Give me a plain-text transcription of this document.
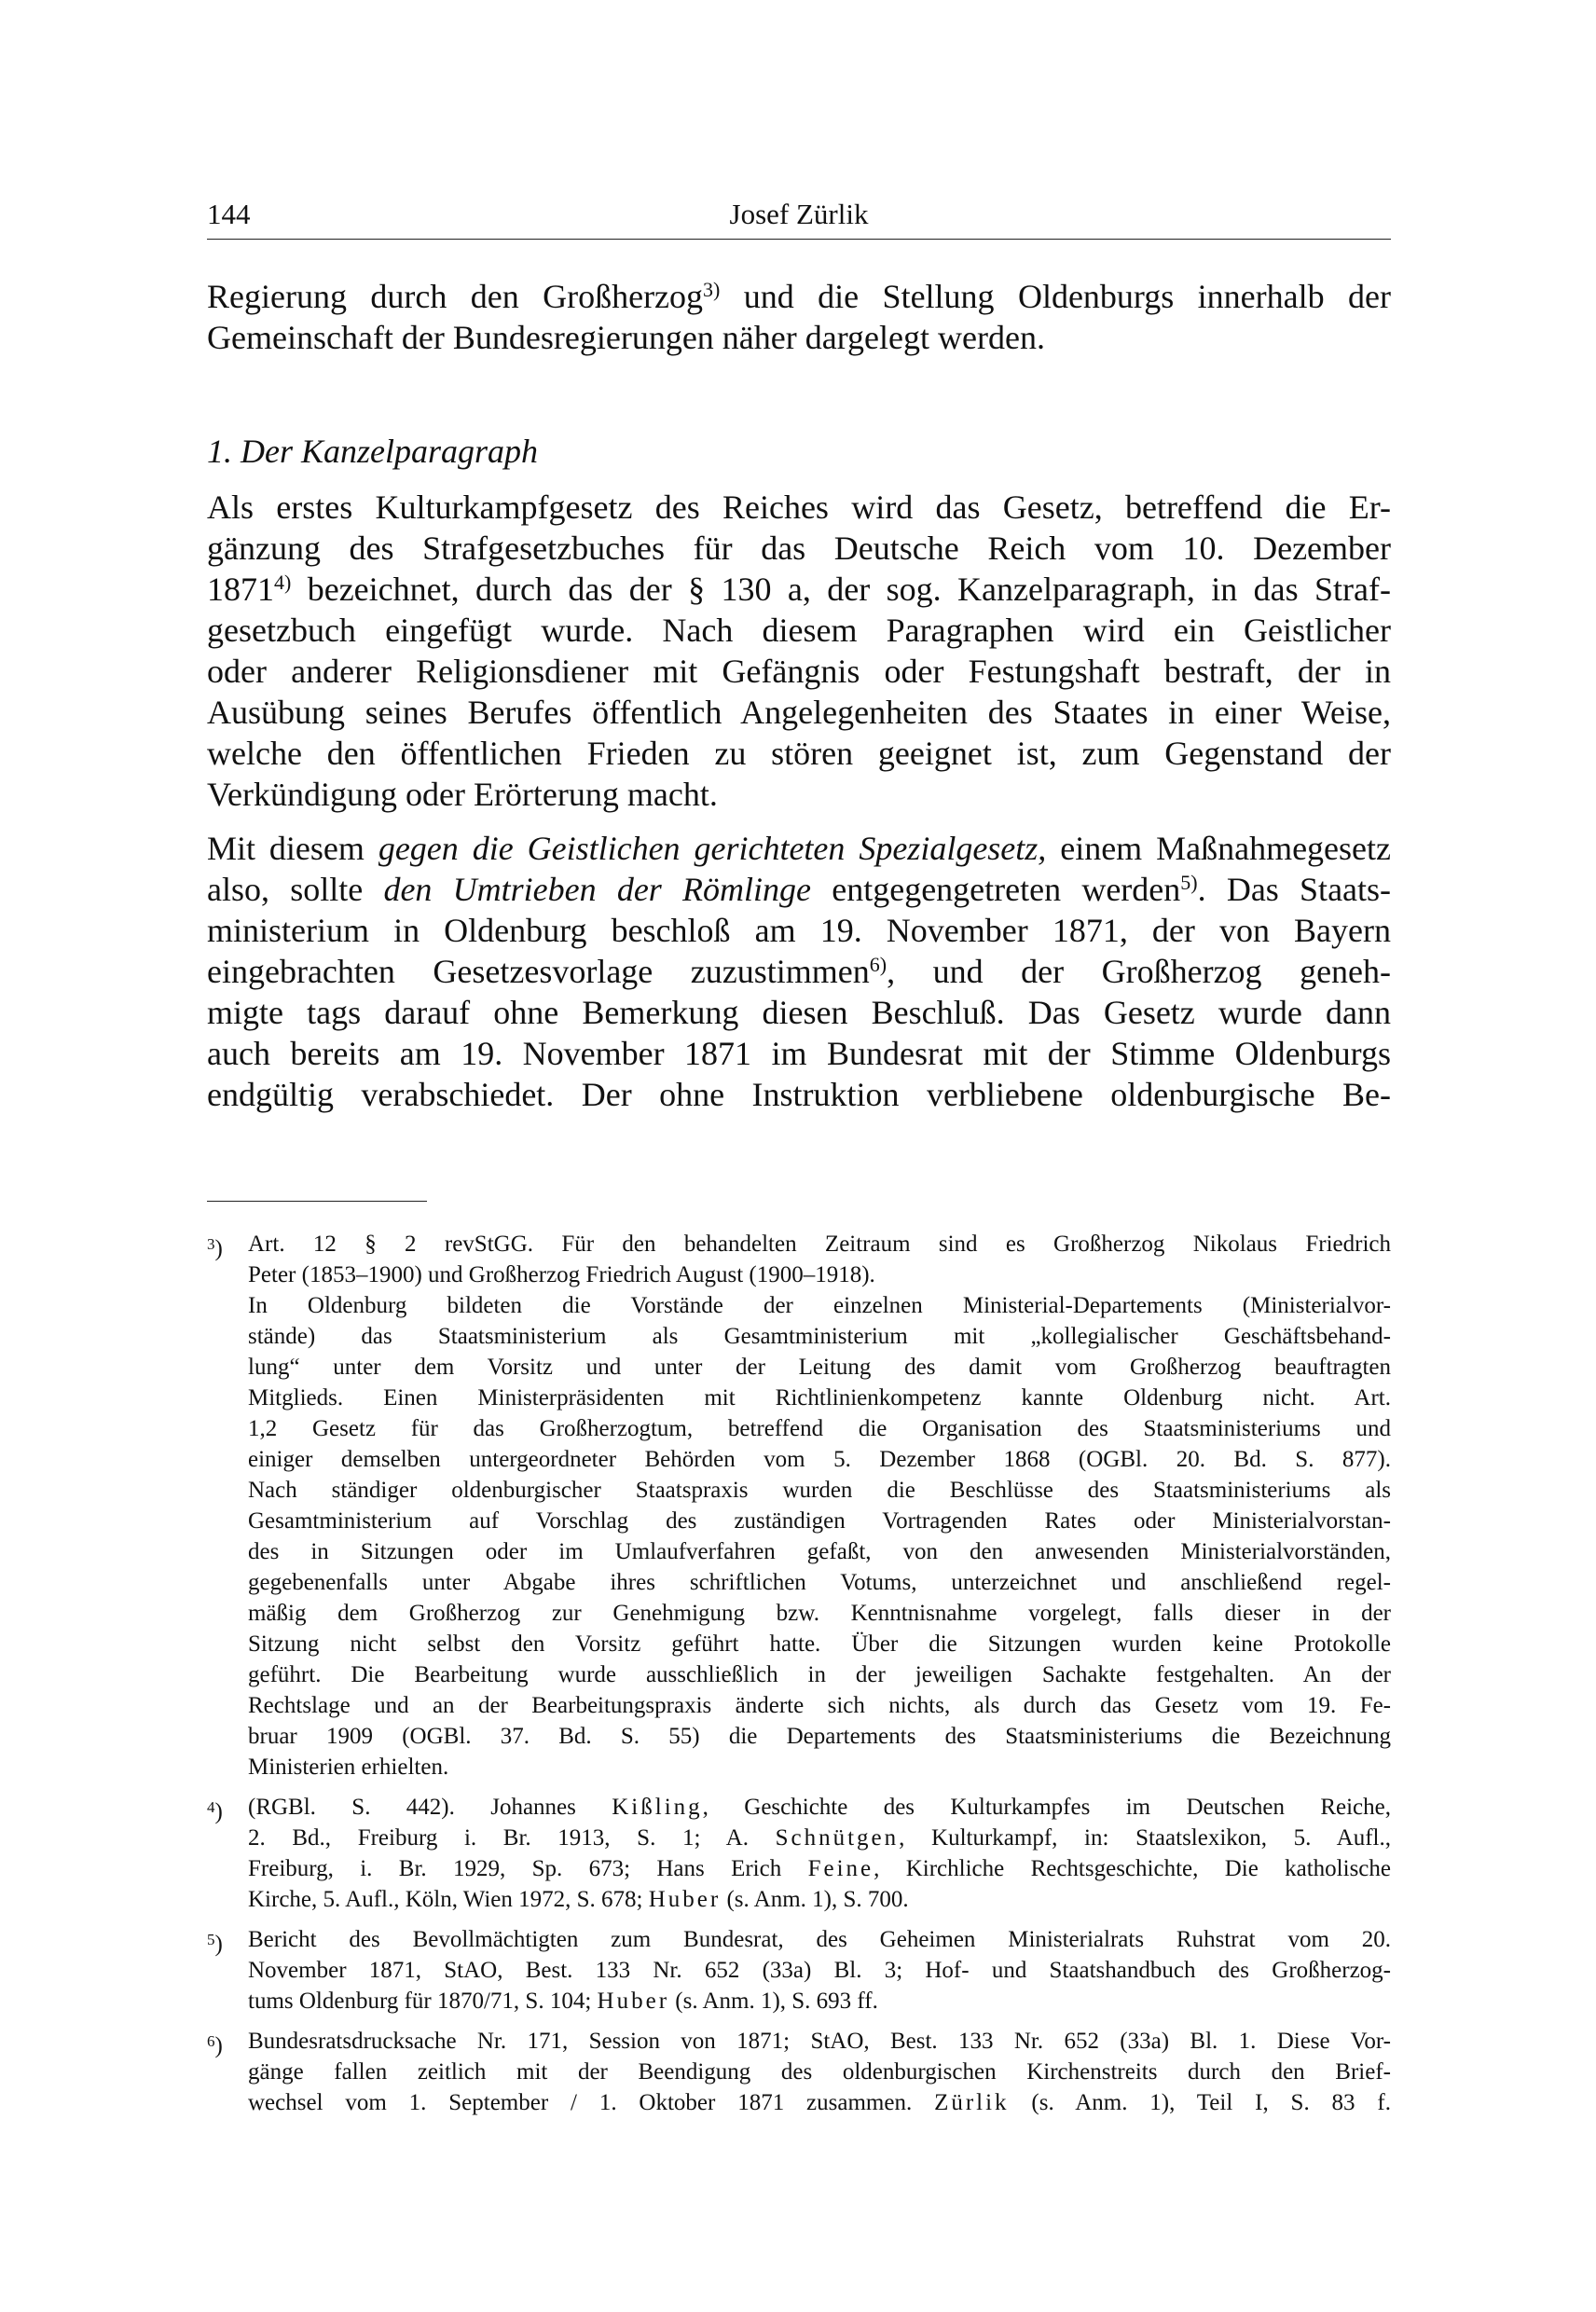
144	Josef Zürlik
Regierung durch den Großherzog$^{3)}$ und die Stellung Oldenburgs innerhalb der
Gemeinschaft der Bundesregierungen näher dargelegt werden.
1. Der Kanzelparagraph
Als erstes Kulturkampfgesetz des Reiches wird das Gesetz, betreffend die Er-
gänzung des Strafgesetzbuches für das Deutsche Reich vom 10. Dezember
1871$^{4)}$ bezeichnet, durch das der § 130 a, der sog. Kanzelparagraph, in das Straf-
gesetzbuch eingefügt wurde. Nach diesem Paragraphen wird ein Geistlicher
oder anderer Religionsdiener mit Gefängnis oder Festungshaft bestraft, der in
Ausübung seines Berufes öffentlich Angelegenheiten des Staates in einer Weise,
welche den öffentlichen Frieden zu stören geeignet ist, zum Gegenstand der
Verkündigung oder Erörterung macht.
Mit diesem gegen die Geistlichen gerichteten Spezialgesetz, einem Maßnahmegesetz
also, sollte den Umtrieben der Römlinge entgegengetreten werden$^{5)}$. Das Staats-
ministerium in Oldenburg beschloß am 19. November 1871, der von Bayern
eingebrachten Gesetzesvorlage zuzustimmen$^{6)}$, und der Großherzog geneh-
migte tags darauf ohne Bemerkung diesen Beschluß. Das Gesetz wurde dann
auch bereits am 19. November 1871 im Bundesrat mit der Stimme Oldenburgs
endgültig verabschiedet. Der ohne Instruktion verbliebene oldenburgische Be-
$^3$) Art. 12 § 2 revStGG. Für den behandelten Zeitraum sind es Großherzog Nikolaus Friedrich
Peter (1853–1900) und Großherzog Friedrich August (1900–1918).
In Oldenburg bildeten die Vorstände der einzelnen Ministerial-Departements (Ministerialvor-
stände) das Staatsministerium als Gesamtministerium mit „kollegialischer Geschäftsbehand-
lung“ unter dem Vorsitz und unter der Leitung des damit vom Großherzog beauftragten
Mitglieds. Einen Ministerpräsidenten mit Richtlinienkompetenz kannte Oldenburg nicht. Art.
1,2 Gesetz für das Großherzogtum, betreffend die Organisation des Staatsministeriums und
einiger demselben untergeordneter Behörden vom 5. Dezember 1868 (OGBl. 20. Bd. S. 877).
Nach ständiger oldenburgischer Staatspraxis wurden die Beschlüsse des Staatsministeriums als
Gesamtministerium auf Vorschlag des zuständigen Vortragenden Rates oder Ministerialvorstan-
des in Sitzungen oder im Umlaufverfahren gefaßt, von den anwesenden Ministerialvorständen,
gegebenenfalls unter Abgabe ihres schriftlichen Votums, unterzeichnet und anschließend regel-
mäßig dem Großherzog zur Genehmigung bzw. Kenntnisnahme vorgelegt, falls dieser in der
Sitzung nicht selbst den Vorsitz geführt hatte. Über die Sitzungen wurden keine Protokolle
geführt. Die Bearbeitung wurde ausschließlich in der jeweiligen Sachakte festgehalten. An der
Rechtslage und an der Bearbeitungspraxis änderte sich nichts, als durch das Gesetz vom 19. Fe-
bruar 1909 (OGBl. 37. Bd. S. 55) die Departements des Staatsministeriums die Bezeichnung
Ministerien erhielten.
$^4$) (RGBl. S. 442). Johannes Kißling, Geschichte des Kulturkampfes im Deutschen Reiche,
2. Bd., Freiburg i. Br. 1913, S. 1; A. Schnütgen, Kulturkampf, in: Staatslexikon, 5. Aufl.,
Freiburg, i. Br. 1929, Sp. 673; Hans Erich Feine, Kirchliche Rechtsgeschichte, Die katholische
Kirche, 5. Aufl., Köln, Wien 1972, S. 678; Huber (s. Anm. 1), S. 700.
$^5$) Bericht des Bevollmächtigten zum Bundesrat, des Geheimen Ministerialrats Ruhstrat vom 20.
November 1871, StAO, Best. 133 Nr. 652 (33a) Bl. 3; Hof- und Staatshandbuch des Großherzog-
tums Oldenburg für 1870/71, S. 104; Huber (s. Anm. 1), S. 693 ff.
$^6$) Bundesratsdrucksache Nr. 171, Session von 1871; StAO, Best. 133 Nr. 652 (33a) Bl. 1. Diese Vor-
gänge fallen zeitlich mit der Beendigung des oldenburgischen Kirchenstreits durch den Brief-
wechsel vom 1. September / 1. Oktober 1871 zusammen. Zürlik (s. Anm. 1), Teil I, S. 83 f.
